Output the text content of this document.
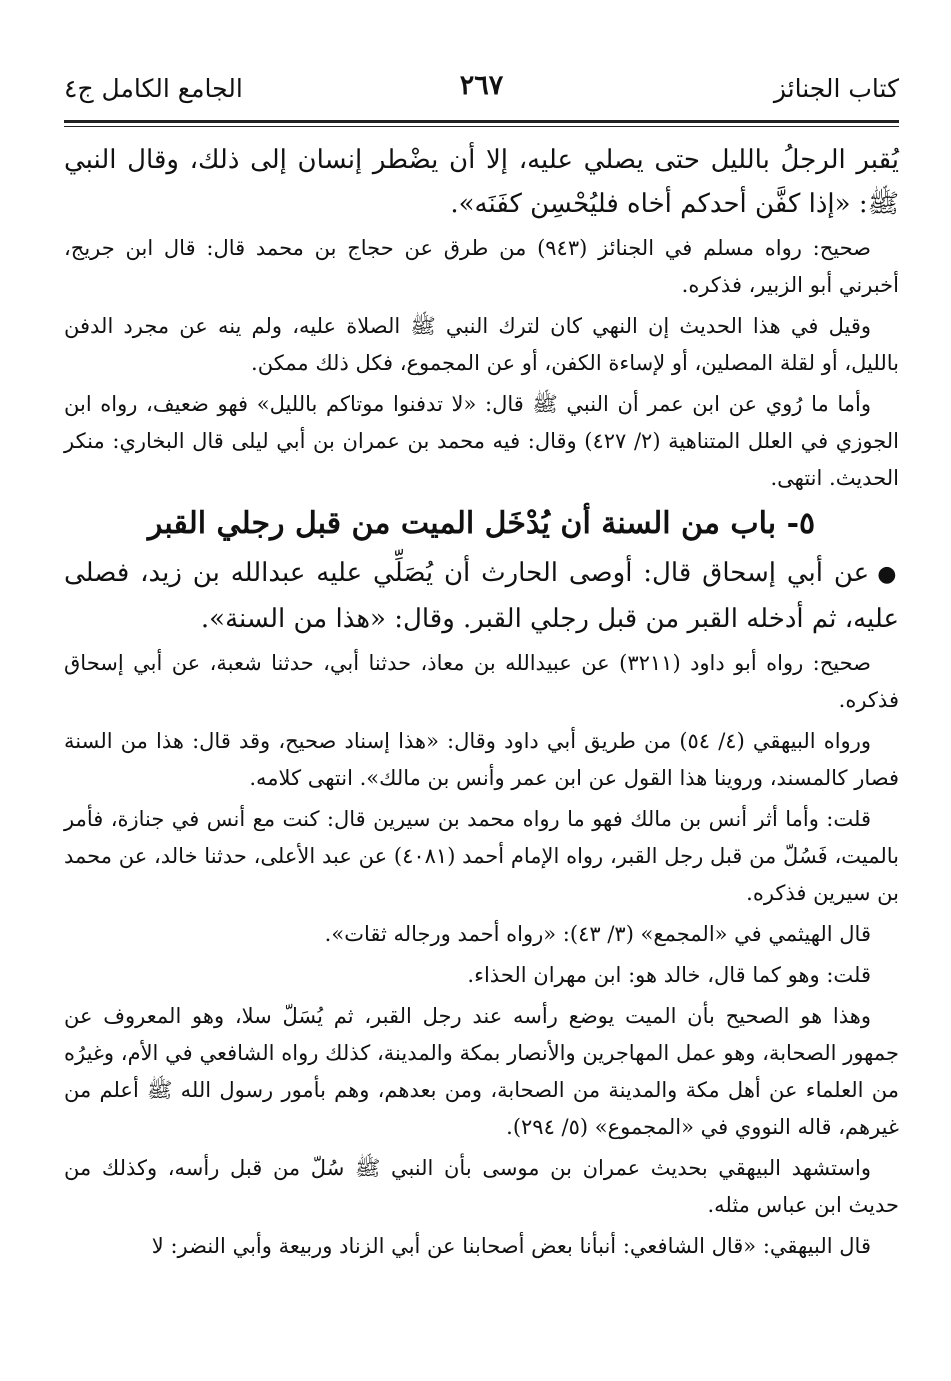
كتاب الجنائز
٢٦٧
الجامع الكامل ج٤

يُقبر الرجلُ بالليل حتى يصلي عليه، إلا أن يضْطر إنسان إلى ذلك، وقال النبي ﷺ: «إذا كفَّن أحدكم أخاه فليُحْسِن كفَنَه».

صحيح: رواه مسلم في الجنائز (٩٤٣) من طرق عن حجاج بن محمد قال: قال ابن جريج، أخبرني أبو الزبير، فذكره.

وقيل في هذا الحديث إن النهي كان لترك النبي ﷺ الصلاة عليه، ولم ينه عن مجرد الدفن بالليل، أو لقلة المصلين، أو لإساءة الكفن، أو عن المجموع، فكل ذلك ممكن.

وأما ما رُوي عن ابن عمر أن النبي ﷺ قال: «لا تدفنوا موتاكم بالليل» فهو ضعيف، رواه ابن الجوزي في العلل المتناهية (٢/ ٤٢٧) وقال: فيه محمد بن عمران بن أبي ليلى قال البخاري: منكر الحديث. انتهى.

٥- باب من السنة أن يُدْخَل الميت من قبل رجلي القبر

●عن أبي إسحاق قال: أوصى الحارث أن يُصَلِّي عليه عبدالله بن زيد، فصلى عليه، ثم أدخله القبر من قبل رجلي القبر. وقال: «هذا من السنة».

صحيح: رواه أبو داود (٣٢١١) عن عبيدالله بن معاذ، حدثنا أبي، حدثنا شعبة، عن أبي إسحاق فذكره.

ورواه البيهقي (٤/ ٥٤) من طريق أبي داود وقال: «هذا إسناد صحيح، وقد قال: هذا من السنة فصار كالمسند، وروينا هذا القول عن ابن عمر وأنس بن مالك». انتهى كلامه.

قلت: وأما أثر أنس بن مالك فهو ما رواه محمد بن سيرين قال: كنت مع أنس في جنازة، فأمر بالميت، فَسُلّ من قبل رجل القبر، رواه الإمام أحمد (٤٠٨١) عن عبد الأعلى، حدثنا خالد، عن محمد بن سيرين فذكره.

قال الهيثمي في «المجمع» (٣/ ٤٣): «رواه أحمد ورجاله ثقات».

قلت: وهو كما قال، خالد هو: ابن مهران الحذاء.

وهذا هو الصحيح بأن الميت يوضع رأسه عند رجل القبر، ثم يُسَلّ سلا، وهو المعروف عن جمهور الصحابة، وهو عمل المهاجرين والأنصار بمكة والمدينة، كذلك رواه الشافعي في الأم، وغيرُه من العلماء عن أهل مكة والمدينة من الصحابة، ومن بعدهم، وهم بأمور رسول الله ﷺ أعلم من غيرهم، قاله النووي في «المجموع» (٥/ ٢٩٤).

واستشهد البيهقي بحديث عمران بن موسى بأن النبي ﷺ سُلّ من قبل رأسه، وكذلك من حديث ابن عباس مثله.

قال البيهقي: «قال الشافعي: أنبأنا بعض أصحابنا عن أبي الزناد وربيعة وأبي النضر: لا
